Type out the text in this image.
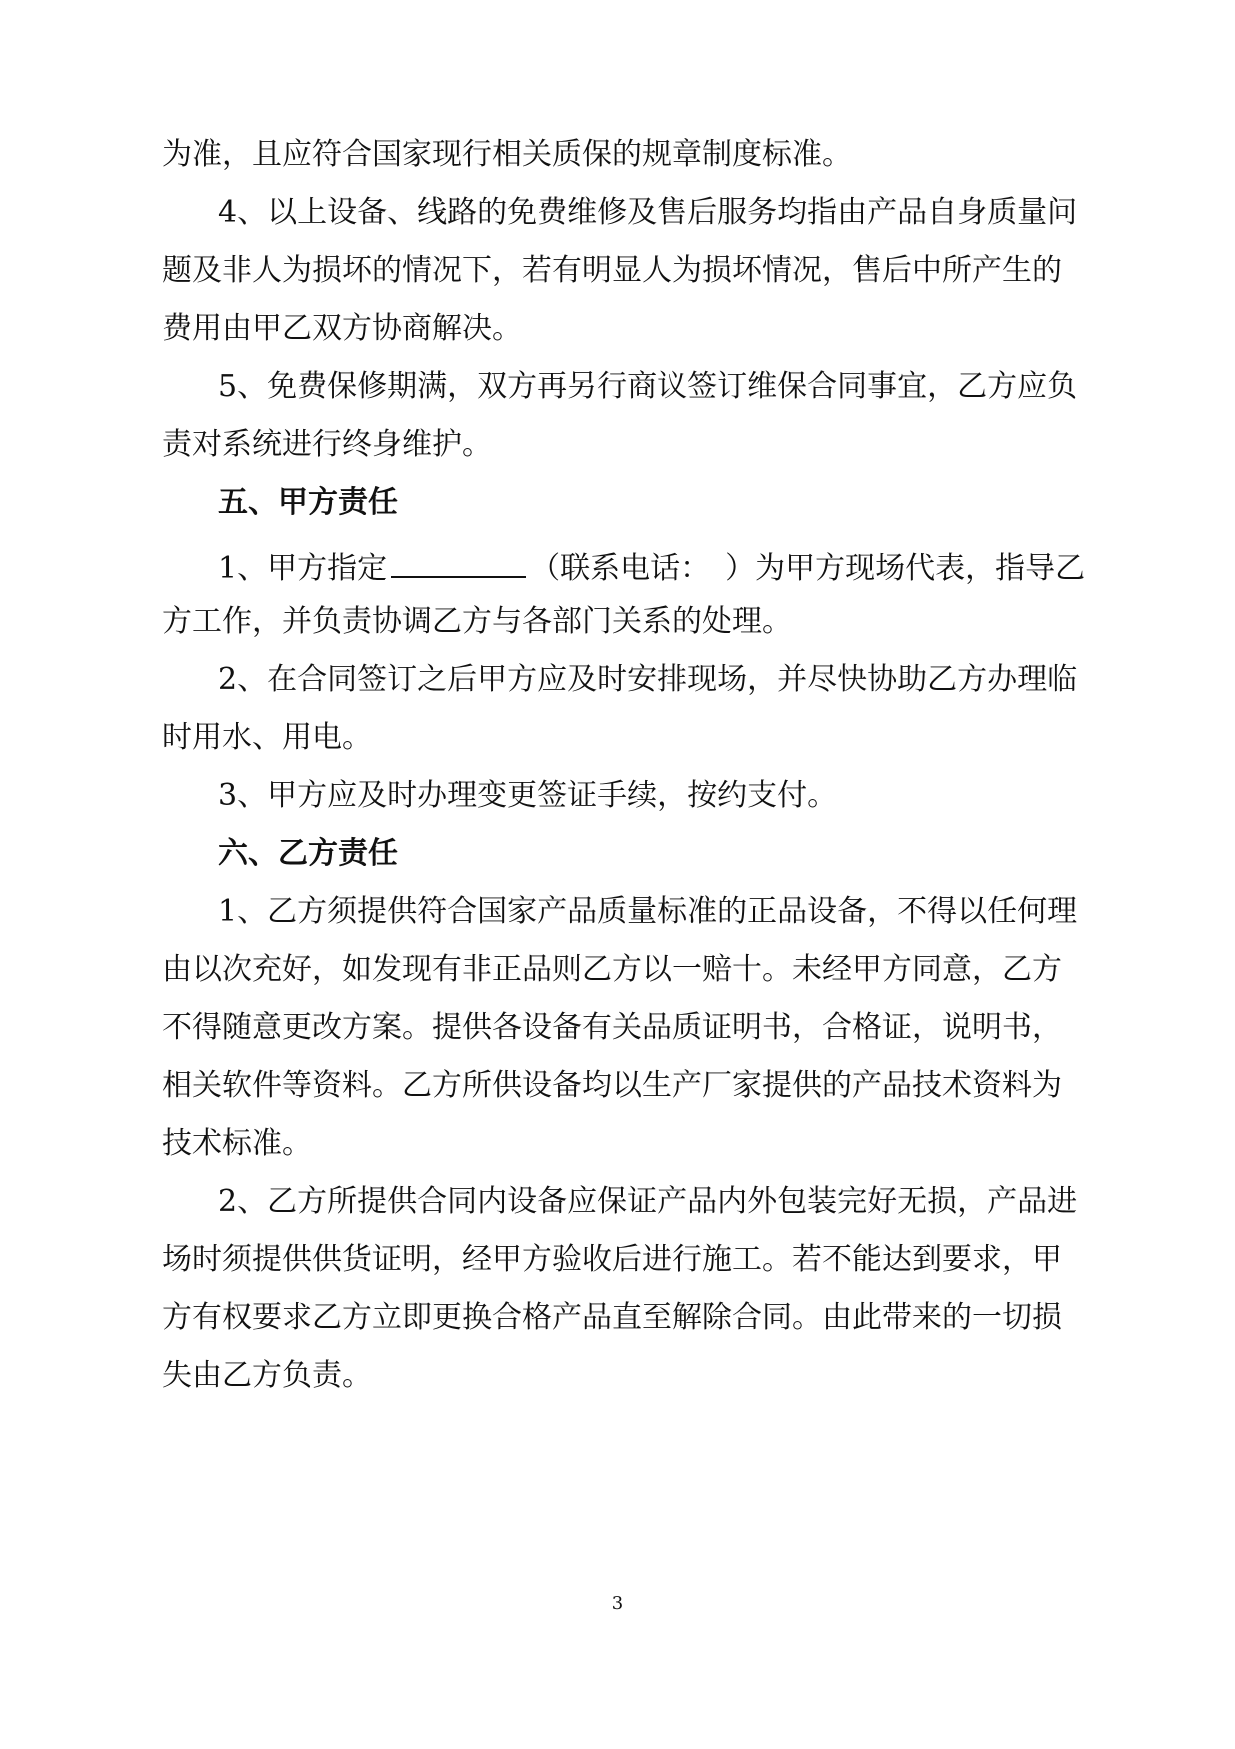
为准，且应符合国家现行相关质保的规章制度标准。
4、以上设备、线路的免费维修及售后服务均指由产品自身质量问
题及非人为损坏的情况下，若有明显人为损坏情况，售后中所产生的
费用由甲乙双方协商解决。
5、免费保修期满，双方再另行商议签订维保合同事宜，乙方应负
责对系统进行终身维护。
五、甲方责任
1、甲方指定	（联系电话：　）为甲方现场代表，指导乙
方工作，并负责协调乙方与各部门关系的处理。
2、在合同签订之后甲方应及时安排现场，并尽快协助乙方办理临
时用水、用电。
3、甲方应及时办理变更签证手续，按约支付。
六、乙方责任
1、乙方须提供符合国家产品质量标准的正品设备，不得以任何理
由以次充好，如发现有非正品则乙方以一赔十。未经甲方同意，乙方
不得随意更改方案。提供各设备有关品质证明书，合格证，说明书，
相关软件等资料。乙方所供设备均以生产厂家提供的产品技术资料为
技术标准。
2、乙方所提供合同内设备应保证产品内外包装完好无损，产品进
场时须提供供货证明，经甲方验收后进行施工。若不能达到要求，甲
方有权要求乙方立即更换合格产品直至解除合同。由此带来的一切损
失由乙方负责。
3
